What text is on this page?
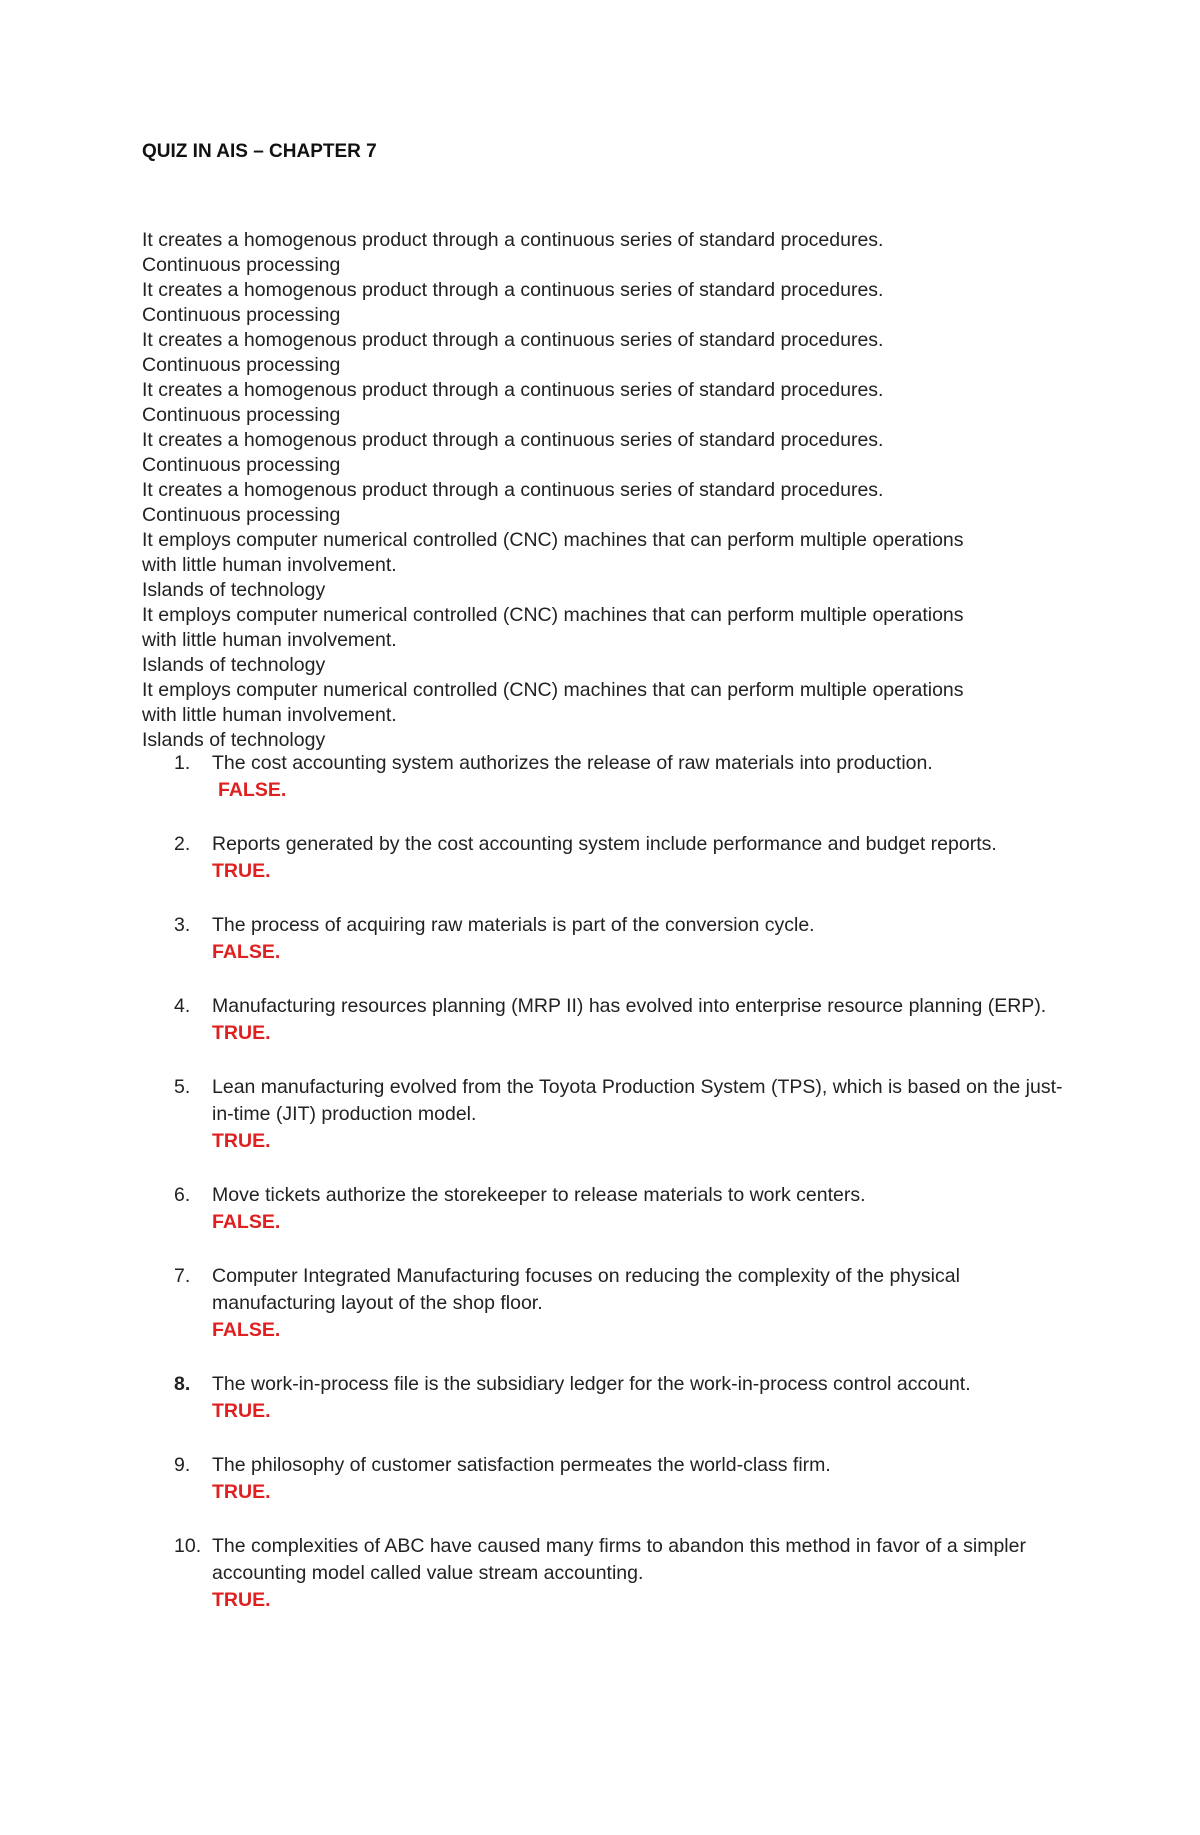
QUIZ IN AIS – CHAPTER 7
It creates a homogenous product through a continuous series of standard procedures.
Continuous processing
It creates a homogenous product through a continuous series of standard procedures.
Continuous processing
It creates a homogenous product through a continuous series of standard procedures.
Continuous processing
It creates a homogenous product through a continuous series of standard procedures.
Continuous processing
It creates a homogenous product through a continuous series of standard procedures.
Continuous processing
It creates a homogenous product through a continuous series of standard procedures.
Continuous processing
It employs computer numerical controlled (CNC) machines that can perform multiple operations
with little human involvement.
Islands of technology
It employs computer numerical controlled (CNC) machines that can perform multiple operations
with little human involvement.
Islands of technology
It employs computer numerical controlled (CNC) machines that can perform multiple operations
with little human involvement.
Islands of technology
1.	The cost accounting system authorizes the release of raw materials into production.
FALSE.
2.	Reports generated by the cost accounting system include performance and budget reports.
TRUE.
3.	The process of acquiring raw materials is part of the conversion cycle.
FALSE.
4.	Manufacturing resources planning (MRP II) has evolved into enterprise resource planning (ERP).
TRUE.
5.	Lean manufacturing evolved from the Toyota Production System (TPS), which is based on the just-in-time (JIT) production model.
TRUE.
6.	Move tickets authorize the storekeeper to release materials to work centers.
FALSE.
7.	Computer Integrated Manufacturing focuses on reducing the complexity of the physical manufacturing layout of the shop floor.
FALSE.
8.	The work-in-process file is the subsidiary ledger for the work-in-process control account.
TRUE.
9.	The philosophy of customer satisfaction permeates the world-class firm.
TRUE.
10. The complexities of ABC have caused many firms to abandon this method in favor of a simpler accounting model called value stream accounting.
TRUE.
